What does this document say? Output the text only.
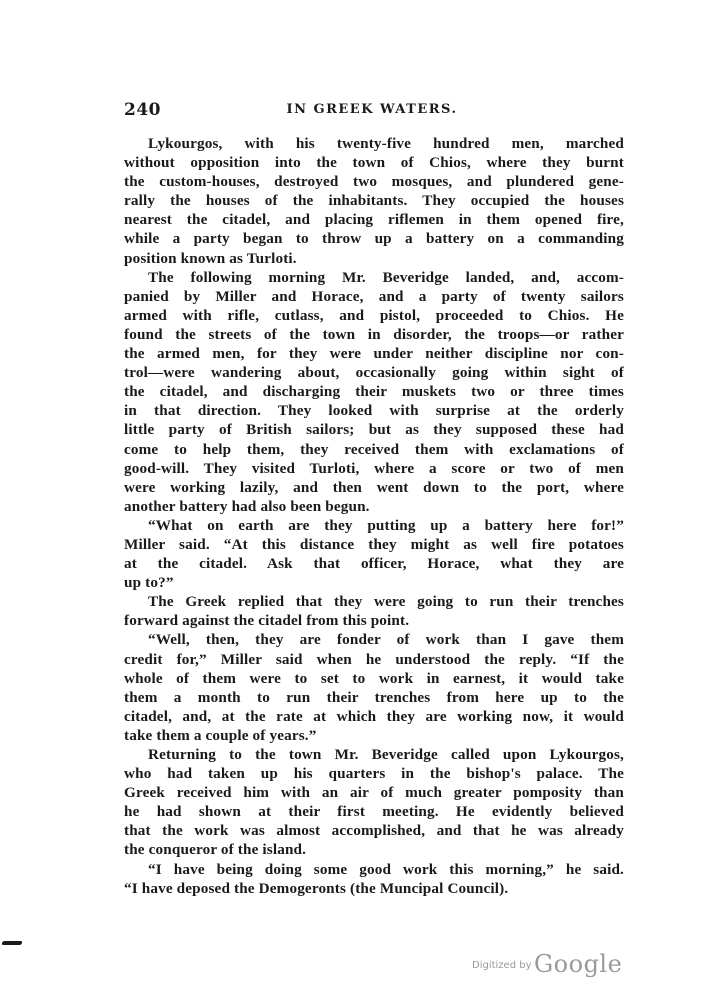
240	IN GREEK WATERS.

Lykourgos, with his twenty-five hundred men, marched
without opposition into the town of Chios, where they burnt
the custom-houses, destroyed two mosques, and plundered gene-
rally the houses of the inhabitants. They occupied the houses
nearest the citadel, and placing riflemen in them opened fire,
while a party began to throw up a battery on a commanding
position known as Turloti.

The following morning Mr. Beveridge landed, and, accom-
panied by Miller and Horace, and a party of twenty sailors
armed with rifle, cutlass, and pistol, proceeded to Chios. He
found the streets of the town in disorder, the troops—or rather
the armed men, for they were under neither discipline nor con-
trol—were wandering about, occasionally going within sight of
the citadel, and discharging their muskets two or three times
in that direction. They looked with surprise at the orderly
little party of British sailors; but as they supposed these had
come to help them, they received them with exclamations of
good-will. They visited Turloti, where a score or two of men
were working lazily, and then went down to the port, where
another battery had also been begun.

“What on earth are they putting up a battery here for!”
Miller said. “At this distance they might as well fire potatoes
at the citadel. Ask that officer, Horace, what they are
up to?”

The Greek replied that they were going to run their trenches
forward against the citadel from this point.

“Well, then, they are fonder of work than I gave them
credit for,” Miller said when he understood the reply. “If the
whole of them were to set to work in earnest, it would take
them a month to run their trenches from here up to the
citadel, and, at the rate at which they are working now, it would
take them a couple of years.”

Returning to the town Mr. Beveridge called upon Lykourgos,
who had taken up his quarters in the bishop's palace. The
Greek received him with an air of much greater pomposity than
he had shown at their first meeting. He evidently believed
that the work was almost accomplished, and that he was already
the conqueror of the island.

“I have being doing some good work this morning,” he said.
“I have deposed the Demogeronts (the Muncipal Council).

Digitized by Google
